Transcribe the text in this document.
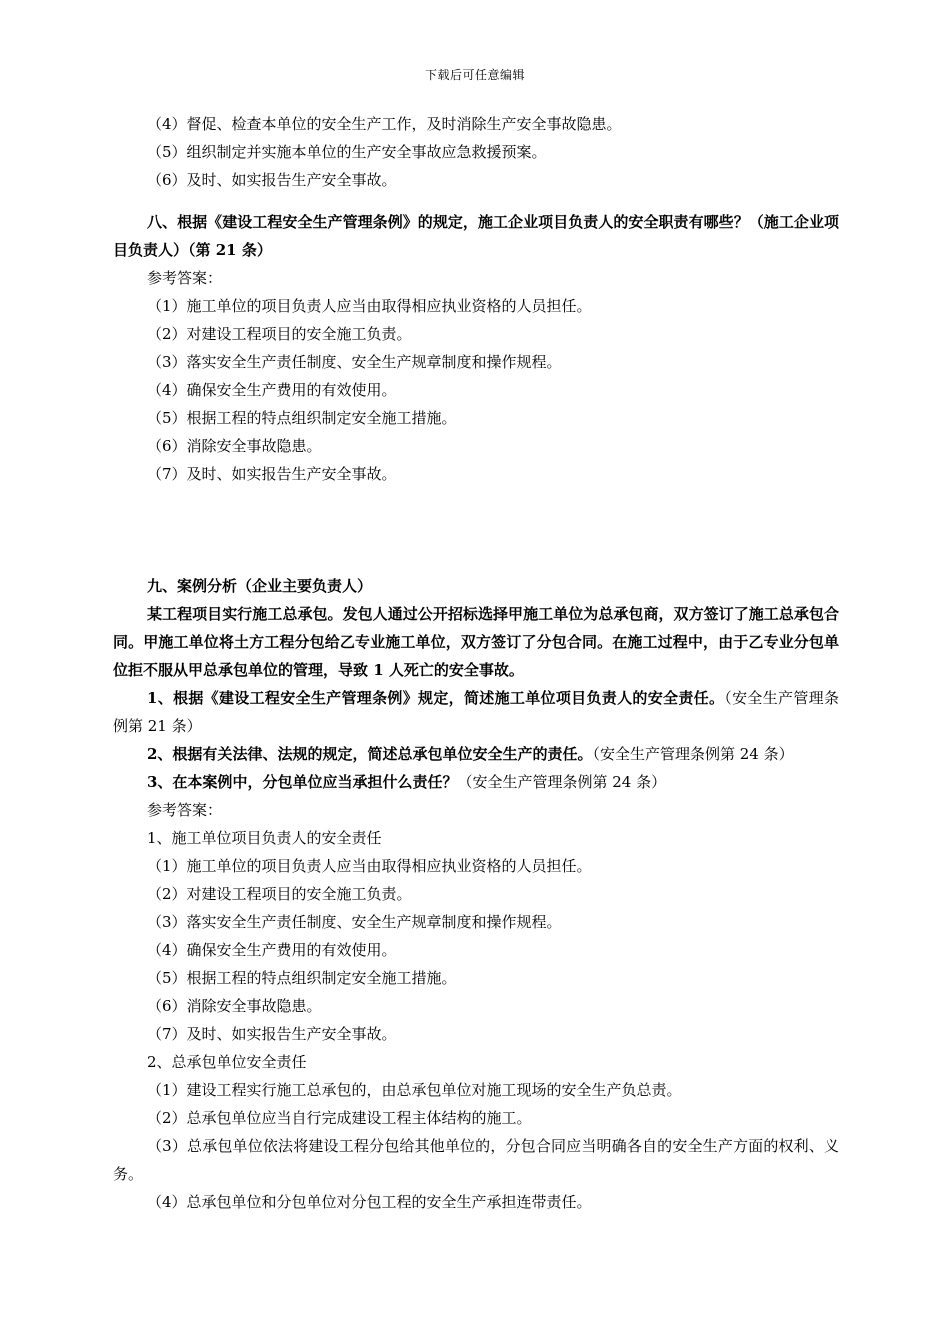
下载后可任意编辑

（4）督促、检查本单位的安全生产工作，及时消除生产安全事故隐患。

（5）组织制定并实施本单位的生产安全事故应急救援预案。

（6）及时、如实报告生产安全事故。

八、根据《建设工程安全生产管理条例》的规定，施工企业项目负责人的安全职责有哪些？（施工企业项目负责人）（第 21 条）

参考答案：

（1）施工单位的项目负责人应当由取得相应执业资格的人员担任。

（2）对建设工程项目的安全施工负责。

（3）落实安全生产责任制度、安全生产规章制度和操作规程。

（4）确保安全生产费用的有效使用。

（5）根据工程的特点组织制定安全施工措施。

（6）消除安全事故隐患。

（7）及时、如实报告生产安全事故。

九、案例分析（企业主要负责人）

某工程项目实行施工总承包。发包人通过公开招标选择甲施工单位为总承包商，双方签订了施工总承包合同。甲施工单位将土方工程分包给乙专业施工单位，双方签订了分包合同。在施工过程中，由于乙专业分包单位拒不服从甲总承包单位的管理，导致 1 人死亡的安全事故。

1、根据《建设工程安全生产管理条例》规定，简述施工单位项目负责人的安全责任。（安全生产管理条例第 21 条）

2、根据有关法律、法规的规定，简述总承包单位安全生产的责任。（安全生产管理条例第 24 条）

3、在本案例中，分包单位应当承担什么责任？（安全生产管理条例第 24 条）

参考答案：

1、施工单位项目负责人的安全责任

（1）施工单位的项目负责人应当由取得相应执业资格的人员担任。

（2）对建设工程项目的安全施工负责。

（3）落实安全生产责任制度、安全生产规章制度和操作规程。

（4）确保安全生产费用的有效使用。

（5）根据工程的特点组织制定安全施工措施。

（6）消除安全事故隐患。

（7）及时、如实报告生产安全事故。

2、总承包单位安全责任

（1）建设工程实行施工总承包的，由总承包单位对施工现场的安全生产负总责。

（2）总承包单位应当自行完成建设工程主体结构的施工。

（3）总承包单位依法将建设工程分包给其他单位的，分包合同应当明确各自的安全生产方面的权利、义务。

（4）总承包单位和分包单位对分包工程的安全生产承担连带责任。
